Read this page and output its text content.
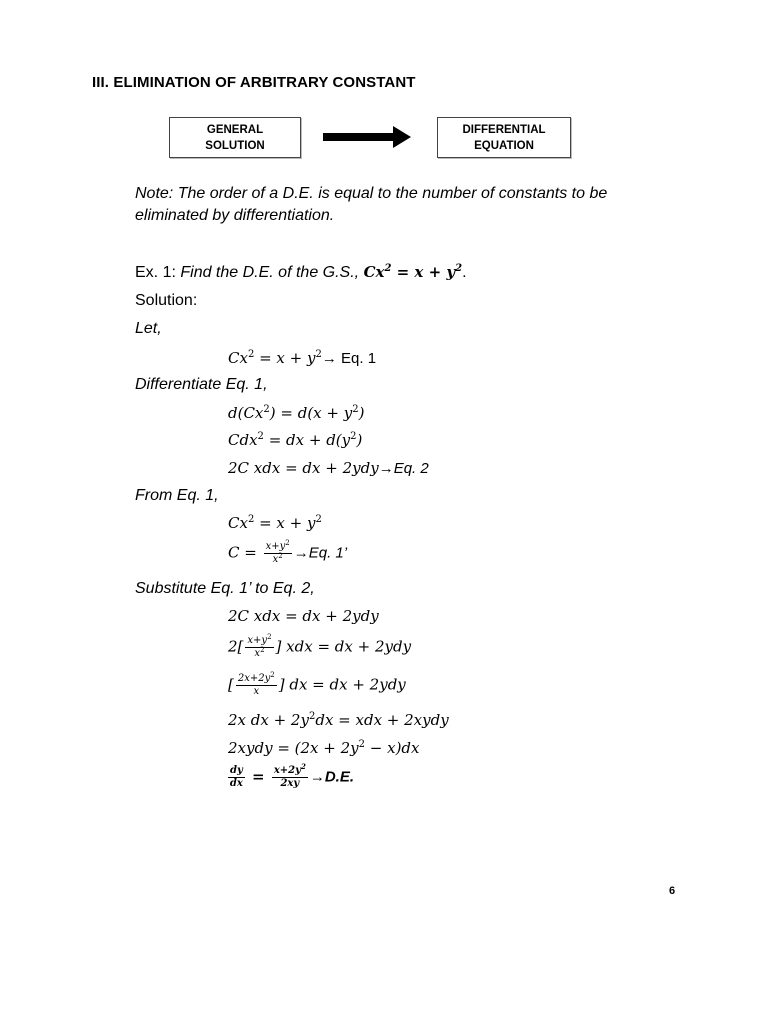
III. ELIMINATION OF ARBITRARY CONSTANT
GENERAL
SOLUTION
DIFFERENTIAL
EQUATION
Note: The order of a D.E. is equal to the number of constants to be
eliminated by differentiation.
Ex. 1: Find the D.E. of the G.S., $Cx^2 = x + y^2$.
Solution:
Let,
$Cx^2 = x + y^2\to Eq$. 1
Differentiate Eq. 1,
$d(Cx^2) = d(x + y^2)$
Cdx$^2$ = dx + $d(y^2)$
2C xdx = dx + 2ydy→Eq. 2
From Eq. 1,
$Cx^2 = x + y^2$
$C = \frac{x+y^2}{x^2} \to Eq$. 1’
Substitute Eq. 1’ to Eq. 2,
2C xdx = dx + 2ydy
$2[ \frac{x+y^2}{x^2}$ ] xdx = dx + 2ydy
[ $\frac{2x+2y^2}{x}$ ] dx = dx + 2ydy
2x dx + $2y^2dx$ = xdx + 2xydy
2xydy = $(2x + 2y^2 - x)dx$
$\frac{dy}{dx} = \frac{x+2y^2}{2xy} \to D.E$.
6
